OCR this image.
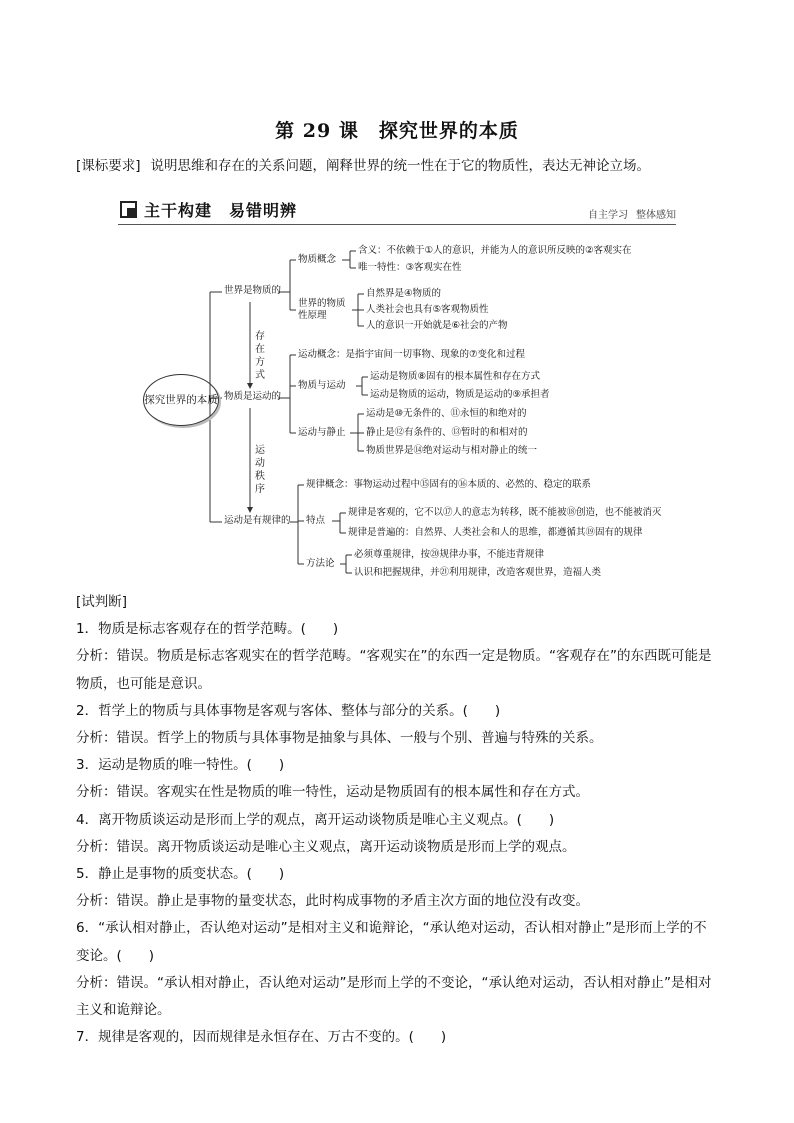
第 29 课　探究世界的本质
[课标要求] 说明思维和存在的关系问题，阐释世界的统一性在于它的物质性，表达无神论立场。
主干构建　易错明辨	自主学习 整体感知
探究世界的本质
世界是物质的
物质是运动的
运动是有规律的
存在方式
运动秩序
物质概念
世界的物质性原理
运动概念：是指宇宙间一切事物、现象的⑦变化和过程
物质与运动
运动与静止
规律概念：事物运动过程中⑮固有的⑯本质的、必然的、稳定的联系
特点
方法论
含义：不依赖于①人的意识，并能为人的意识所反映的②客观实在
唯一特性：③客观实在性
自然界是④物质的
人类社会也具有⑤客观物质性
人的意识一开始就是⑥社会的产物
运动是物质⑧固有的根本属性和存在方式
运动是物质的运动，物质是运动的⑨承担者
运动是⑩无条件的、⑪永恒的和绝对的
静止是⑫有条件的、⑬暂时的和相对的
物质世界是⑭绝对运动与相对静止的统一
规律是客观的，它不以⑰人的意志为转移，既不能被⑱创造，也不能被消灭
规律是普遍的：自然界、人类社会和人的思维，都遵循其⑲固有的规律
必须尊重规律，按⑳规律办事，不能违背规律
认识和把握规律，并㉑利用规律，改造客观世界，造福人类

[试判断]

1．物质是标志客观存在的哲学范畴。(　　)

分析：错误。物质是标志客观实在的哲学范畴。“客观实在”的东西一定是物质。“客观存在”的东西既可能是物质，也可能是意识。

2．哲学上的物质与具体事物是客观与客体、整体与部分的关系。(　　)

分析：错误。哲学上的物质与具体事物是抽象与具体、一般与个别、普遍与特殊的关系。

3．运动是物质的唯一特性。(　　)

分析：错误。客观实在性是物质的唯一特性，运动是物质固有的根本属性和存在方式。

4．离开物质谈运动是形而上学的观点，离开运动谈物质是唯心主义观点。(　　)

分析：错误。离开物质谈运动是唯心主义观点，离开运动谈物质是形而上学的观点。

5．静止是事物的质变状态。(　　)

分析：错误。静止是事物的量变状态，此时构成事物的矛盾主次方面的地位没有改变。

6．“承认相对静止，否认绝对运动”是相对主义和诡辩论，“承认绝对运动，否认相对静止”是形而上学的不变论。(　　)

分析：错误。“承认相对静止，否认绝对运动”是形而上学的不变论，“承认绝对运动，否认相对静止”是相对主义和诡辩论。

7．规律是客观的，因而规律是永恒存在、万古不变的。(　　)
